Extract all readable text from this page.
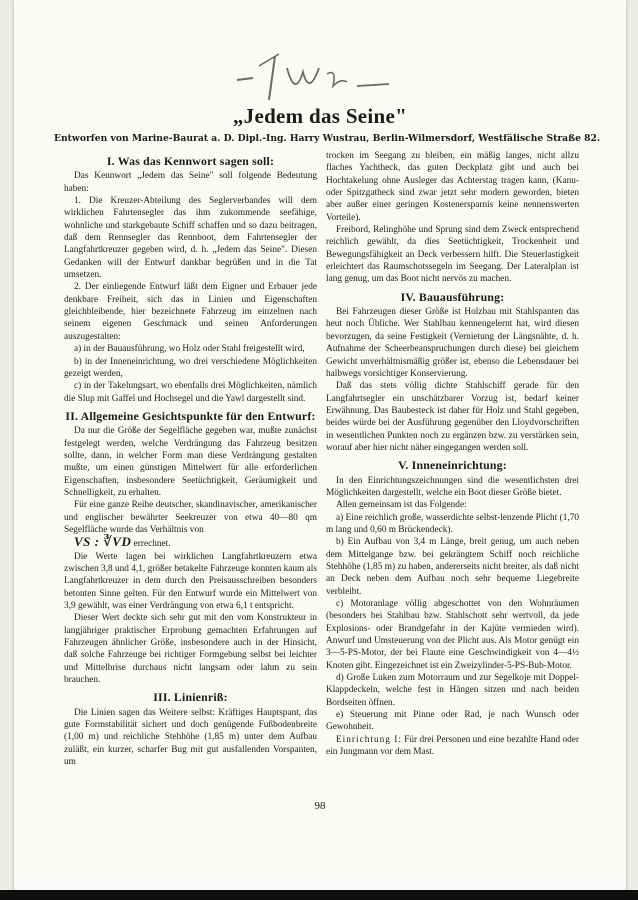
„Jedem das Seine"
Entworfen von Marine-Baurat a. D. Dipl.-Ing. Harry Wustrau, Berlin-Wilmersdorf, Westfälische Straße 82.
I. Was das Kennwort sagen soll:

Das Kennwort „Jedem das Seine" soll folgende Bedeutung haben:

1. Die Kreuzer-Abteilung des Seglerverbandes will dem wirklichen Fahrtensegler das ihm zukommende seefähige, wohnliche und starkgebaute Schiff schaffen und so dazu beitragen, daß dem Rennsegler das Rennboot, dem Fahrtensegler der Langfahrtkreuzer gegeben wird, d. h. „Jedem das Seine". Diesen Gedanken will der Entwurf dankbar begrüßen und in die Tat umsetzen.

2. Der einliegende Entwurf läßt dem Eigner und Erbauer jede denkbare Freiheit, sich das in Linien und Eigenschaften gleichbleibende, hier bezeichnete Fahrzeug im einzelnen nach seinem eigenen Geschmack und seinen Anforderungen auszugestalten:

a) in der Bauausführung, wo Holz oder Stahl freigestellt wird,

b) in der Inneneinrichtung, wo drei verschiedene Möglichkeiten gezeigt werden,

c) in der Takelungsart, wo ebenfalls drei Möglichkeiten, nämlich die Slup mit Gaffel und Hochsegel und die Yawl dargestellt sind.

II. Allgemeine Gesichtspunkte für den Entwurf:

Da nur die Größe der Segelfläche gegeben war, mußte zunächst festgelegt werden, welche Verdrängung das Fahrzeug besitzen sollte, dann, in welcher Form man diese Verdrängung gestalten mußte, um einen günstigen Mittelwert für alle erforderlichen Eigenschaften, insbesondere Seetüchtigkeit, Geräumigkeit und Schnelligkeit, zu erhalten.

Für eine ganze Reihe deutscher, skandinavischer, amerikanischer und englischer bewährter Seekreuzer von etwa 40—80 qm Segelfläche wurde das Verhältnis von

VS : ∛VD errechnet.

Die Werte lagen bei wirklichen Langfahrtkreuzern etwa zwischen 3,8 und 4,1, größer betakelte Fahrzeuge konnten kaum als Langfahrtkreuzer in dem durch den Preisausschreiben besonders betonten Sinne gelten. Für den Entwurf wurde ein Mittelwert von 3,9 gewählt, was einer Verdrängung von etwa 6,1 t entspricht.

Dieser Wert deckte sich sehr gut mit den vom Konstrukteur in langjähriger praktischer Erprobung gemachten Erfahrungen auf Fahrzeugen ähnlicher Größe, insbesondere auch in der Hinsicht, daß solche Fahrzeuge bei richtiger Formgebung selbst bei leichter und Mittelbrise durchaus nicht langsam oder lahm zu sein brauchen.

III. Linienriß:

Die Linien sagen das Weitere selbst: Kräftiges Hauptspant, das gute Formstabilität sichert und doch genügende Fußbodenbreite (1,00 m) und reichliche Stehhöhe (1,85 m) unter dem Aufbau zuläßt, ein kurzer, scharfer Bug mit gut ausfallenden Vorspanten, um

trocken im Seegang zu bleiben, ein mäßig langes, nicht allzu flaches Yachtheck, das guten Deckplatz gibt und auch bei Hochtakelung ohne Ausleger das Achterstag tragen kann, (Kanu- oder Spitzgatheck sind zwar jetzt sehr modern geworden, bieten aber außer einer geringen Kostenersparnis keine nennenswerten Vorteile).

Freibord, Relinghöhe und Sprung sind dem Zweck entsprechend reichlich gewählt, da dies Seetüchtigkeit, Trockenheit und Bewegungsfähigkeit an Deck verbessern hilft. Die Steuerlastigkeit erleichtert das Raumschotssegeln im Seegang. Der Lateralplan ist lang genug, um das Boot nicht nervös zu machen.

IV. Bauausführung:

Bei Fahrzeugen dieser Größe ist Holzbau mit Stahlspanten das heut noch Übliche. Wer Stahlbau kennengelernt hat, wird diesen bevorzugen, da seine Festigkeit (Vernietung der Längsnähte, d. h. Aufnahme der Scheerbeanspruchungen durch diese) bei gleichem Gewicht unverhältnismäßig größer ist, ebenso die Lebensdauer bei halbwegs vorsichtiger Konservierung.

Daß das stets völlig dichte Stahlschiff gerade für den Langfahrtsegler ein unschätzbarer Vorzug ist, bedarf keiner Erwähnung. Das Baubesteck ist daher für Holz und Stahl gegeben, beides würde bei der Ausführung gegenüber den Lloydvorschriften in wesentlichen Punkten noch zu ergänzen bzw. zu verstärken sein, worauf aber hier nicht näher eingegangen werden soll.

V. Inneneinrichtung:

In den Einrichtungszeichnungen sind die wesentlichsten drei Möglichkeiten dargestellt, welche ein Boot dieser Größe bietet.

Allen gemeinsam ist das Folgende:

a) Eine reichlich große, wasserdichte selbst-lenzende Plicht (1,70 m lang und 0,60 m Brückendeck).

b) Ein Aufbau von 3,4 m Länge, breit genug, um auch neben dem Mittelgange bzw. bei gekrängtem Schiff noch reichliche Stehhöhe (1,85 m) zu haben, andererseits nicht breiter, als daß nicht an Deck neben dem Aufbau noch sehr bequeme Liegebreite verbleibt.

c) Motoranlage völlig abgeschottet von den Wohnräumen (besonders bei Stahlbau bzw. Stahlschott sehr wertvoll, da jede Explosions- oder Brandgefahr in der Kajüte vermieden wird). Anwurf und Umsteuerung von der Plicht aus. Als Motor genügt ein 3—5-PS-Motor, der bei Flaute eine Geschwindigkeit von 4—4½ Knoten gibt. Eingezeichnet ist ein Zweizylinder-5-PS-Bub-Motor.

d) Große Luken zum Motorraum und zur Segelkoje mit Doppel-Klappdeckeln, welche fest in Hängen sitzen und nach beiden Bordseiten öffnen.

e) Steuerung mit Pinne oder Rad, je nach Wunsch oder Gewohnheit.

Einrichtung I: Für drei Personen und eine bezahlte Hand oder ein Jungmann vor dem Mast.

98
